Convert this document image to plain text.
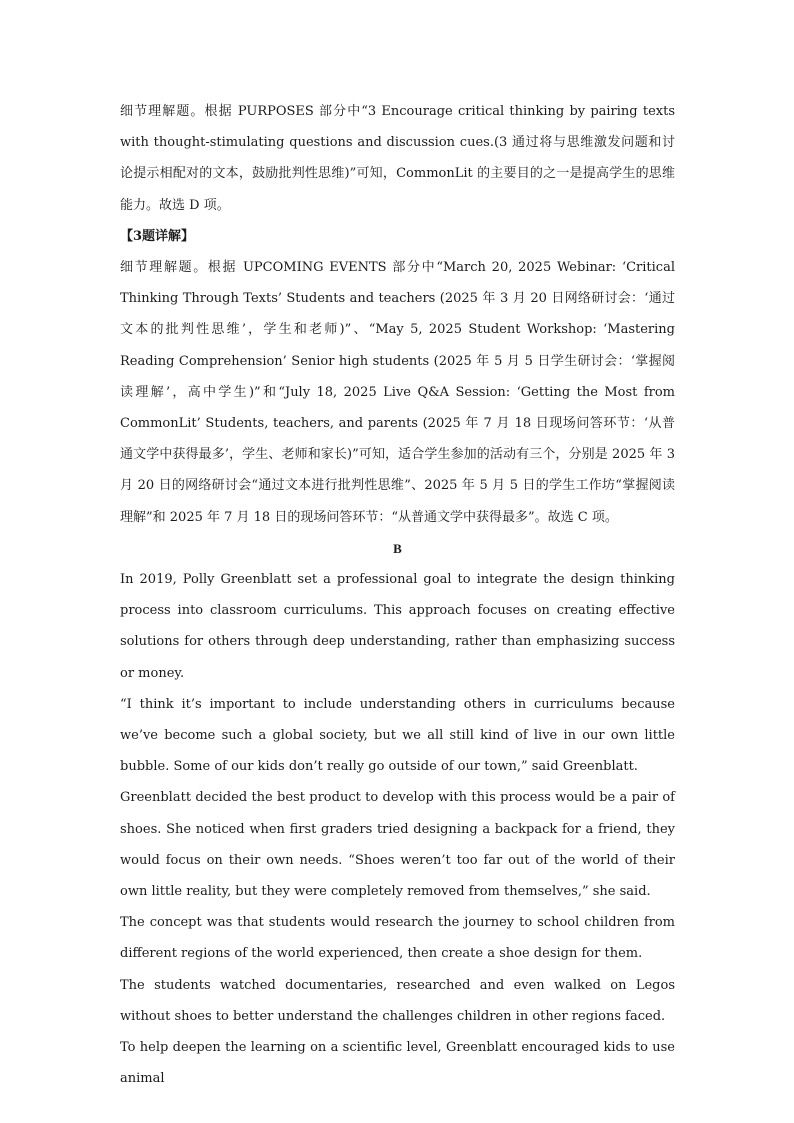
细节理解题。根据 PURPOSES 部分中“3 Encourage critical thinking by pairing texts with thought-stimulating questions and discussion cues.(3 通过将与思维激发问题和讨论提示相配对的文本，鼓励批判性思维)”可知，CommonLit 的主要目的之一是提高学生的思维能力。故选 D 项。

【3题详解】

细节理解题。根据 UPCOMING EVENTS 部分中“March 20, 2025 Webinar: ‘Critical Thinking Through Texts’ Students and teachers (2025 年 3 月 20 日网络研讨会：‘通过文本的批判性思维’，学生和老师)”、“May 5, 2025 Student Workshop: ‘Mastering Reading Comprehension’ Senior high students (2025 年 5 月 5 日学生研讨会：‘掌握阅读理解’，高中学生)”和“July 18, 2025 Live Q&A Session: ‘Getting the Most from CommonLit’ Students, teachers, and parents (2025 年 7 月 18 日现场问答环节：‘从普通文学中获得最多’，学生、老师和家长)”可知，适合学生参加的活动有三个，分别是 2025 年 3 月 20 日的网络研讨会“通过文本进行批判性思维”、2025 年 5 月 5 日的学生工作坊“掌握阅读理解”和 2025 年 7 月 18 日的现场问答环节：“从普通文学中获得最多”。故选 C 项。

B

In 2019, Polly Greenblatt set a professional goal to integrate the design thinking process into classroom curriculums. This approach focuses on creating effective solutions for others through deep understanding, rather than emphasizing success or money.

“I think it’s important to include understanding others in curriculums because we’ve become such a global society, but we all still kind of live in our own little bubble. Some of our kids don’t really go outside of our town,” said Greenblatt.

Greenblatt decided the best product to develop with this process would be a pair of shoes. She noticed when first graders tried designing a backpack for a friend, they would focus on their own needs. “Shoes weren’t too far out of the world of their own little reality, but they were completely removed from themselves,” she said.

The concept was that students would research the journey to school children from different regions of the world experienced, then create a shoe design for them.

The students watched documentaries, researched and even walked on Legos without shoes to better understand the challenges children in other regions faced.

To help deepen the learning on a scientific level, Greenblatt encouraged kids to use animal
